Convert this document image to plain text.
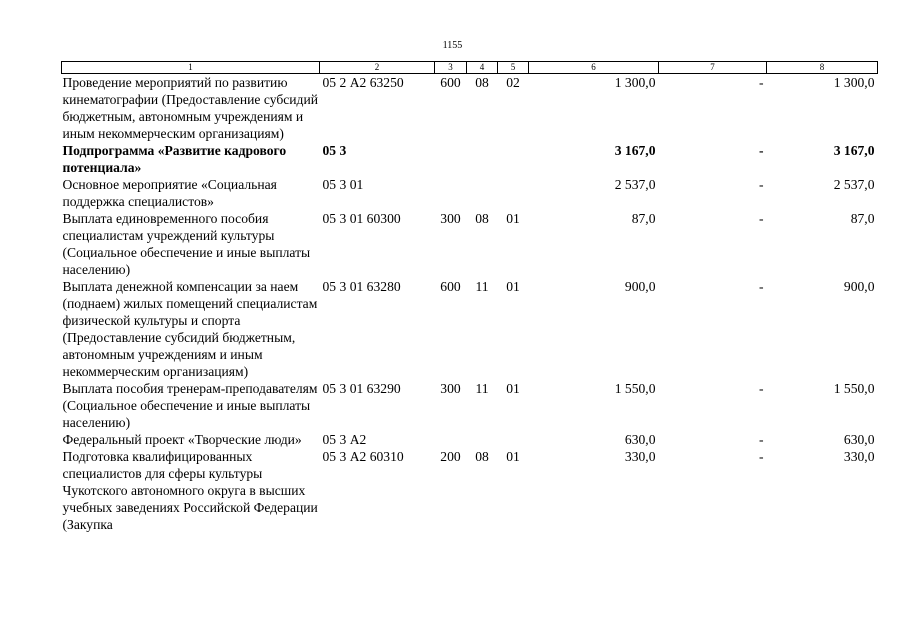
1155
1	2	3	4	5	6	7	8
Проведение мероприятий по развитию кинематографии (Предоставление субсидий бюджетным, автономным учреждениям и иным некоммерческим организациям)	05 2 А2 63250	600	08	02	1 300,0	-	1 300,0
Подпрограмма «Развитие кадрового потенциала»	05 3				3 167,0	-	3 167,0
Основное мероприятие «Социальная поддержка специалистов»	05 3 01				2 537,0	-	2 537,0
Выплата единовременного пособия специалистам учреждений культуры (Социальное обеспечение и иные выплаты населению)	05 3 01 60300	300	08	01	87,0	-	87,0
Выплата денежной компенсации за наем (поднаем) жилых помещений специалистам физической культуры и спорта (Предоставление субсидий бюджетным, автономным учреждениям и иным некоммерческим организациям)	05 3 01 63280	600	11	01	900,0	-	900,0
Выплата пособия тренерам-преподавателям (Социальное обеспечение и иные выплаты населению)	05 3 01 63290	300	11	01	1 550,0	-	1 550,0
Федеральный проект «Творческие люди»	05 3 А2				630,0	-	630,0
Подготовка квалифицированных специалистов для сферы культуры Чукотского автономного округа в высших учебных заведениях Российской Федерации (Закупка	05 3 А2 60310	200	08	01	330,0	-	330,0
